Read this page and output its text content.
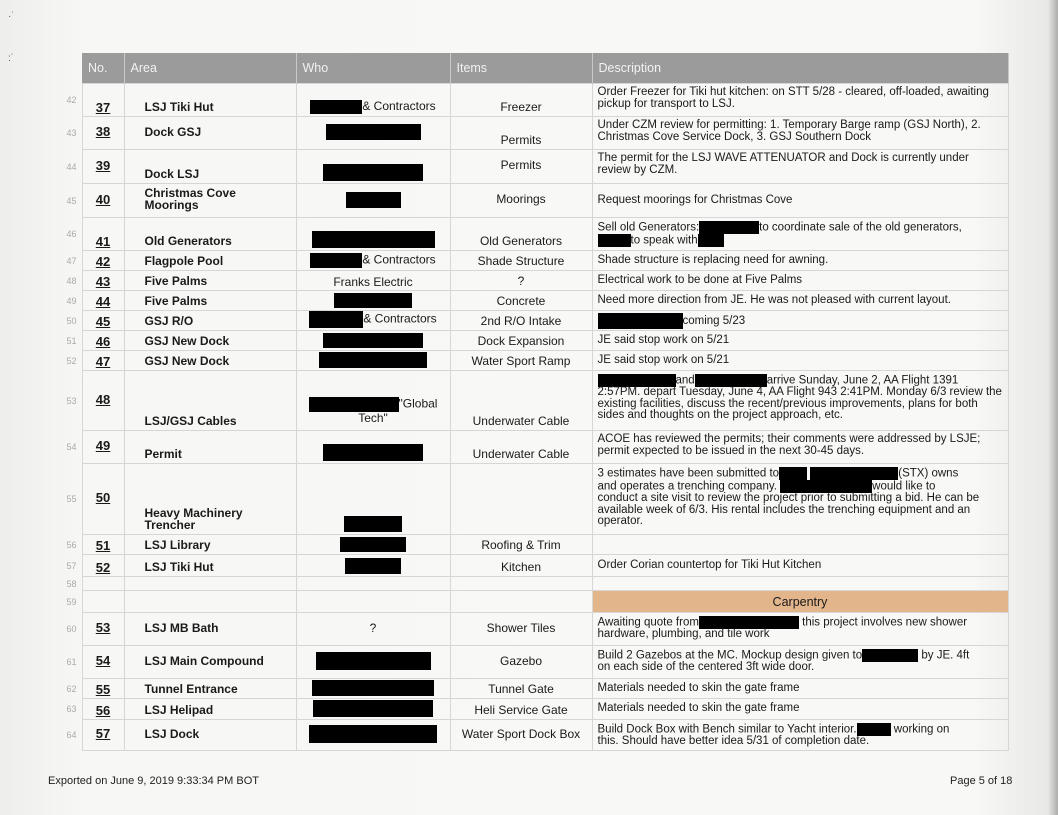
·˙

:˙
	No.	Area	Who	Items	Description
42	37	LSJ Tiki Hut	& Contractors	Freezer	Order Freezer for Tiki hut kitchen: on STT 5/28 - cleared, off-loaded, awaiting pickup for transport to LSJ.
43	38	Dock GSJ		Permits	Under CZM review for permitting: 1. Temporary Barge ramp (GSJ North), 2. Christmas Cove Service Dock, 3. GSJ Southern Dock
44	39	Dock LSJ		Permits	The permit for the LSJ WAVE ATTENUATOR and Dock is currently under review by CZM.
45	40	Christmas Cove Moorings		Moorings	Request moorings for Christmas Cove
46	41	Old Generators		Old Generators	Sell old Generators: to coordinate sale of the old generators,
to speak with
47	42	Flagpole Pool	& Contractors	Shade Structure	Shade structure is replacing need for awning.
48	43	Five Palms	Franks Electric	?	Electrical work to be done at Five Palms
49	44	Five Palms		Concrete	Need more direction from JE. He was not pleased with current layout.
50	45	GSJ R/O	& Contractors	2nd R/O Intake	coming 5/23
51	46	GSJ New Dock		Dock Expansion	JE said stop work on 5/21
52	47	GSJ New Dock		Water Sport Ramp	JE said stop work on 5/21
53	48	LSJ/GSJ Cables	"Global
Tech"	Underwater Cable	and arrive Sunday, June 2, AA Flight 1391
2:57PM. depart Tuesday, June 4, AA Flight 943 2:41PM. Monday 6/3 review the existing facilities, discuss the recent/previous improvements, plans for both sides and thoughts on the project approach, etc.
54	49	Permit		Underwater Cable	ACOE has reviewed the permits; their comments were addressed by LSJE; permit expected to be issued in the next 30-45 days.
55	50	Heavy Machinery Trencher			3 estimates have been submitted to (STX) owns
and operates a trenching company. would like to
conduct a site visit to review the project prior to submitting a bid. He can be available week of 6/3. His rental includes the trenching equipment and an operator.
56	51	LSJ Library		Roofing & Trim	
57	52	LSJ Tiki Hut		Kitchen	Order Corian countertop for Tiki Hut Kitchen
58					
59					Carpentry
60	53	LSJ MB Bath	?	Shower Tiles	Awaiting quote from this project involves new shower
hardware, plumbing, and tile work
61	54	LSJ Main Compound		Gazebo	Build 2 Gazebos at the MC. Mockup design given to by JE. 4ft
on each side of the centered 3ft wide door.
62	55	Tunnel Entrance		Tunnel Gate	Materials needed to skin the gate frame
63	56	LSJ Helipad		Heli Service Gate	Materials needed to skin the gate frame
64	57	LSJ Dock		Water Sport Dock Box	Build Dock Box with Bench similar to Yacht interior. working on
this. Should have better idea 5/31 of completion date.
Exported on June 9, 2019 9:33:34 PM BOT	Page 5 of 18
